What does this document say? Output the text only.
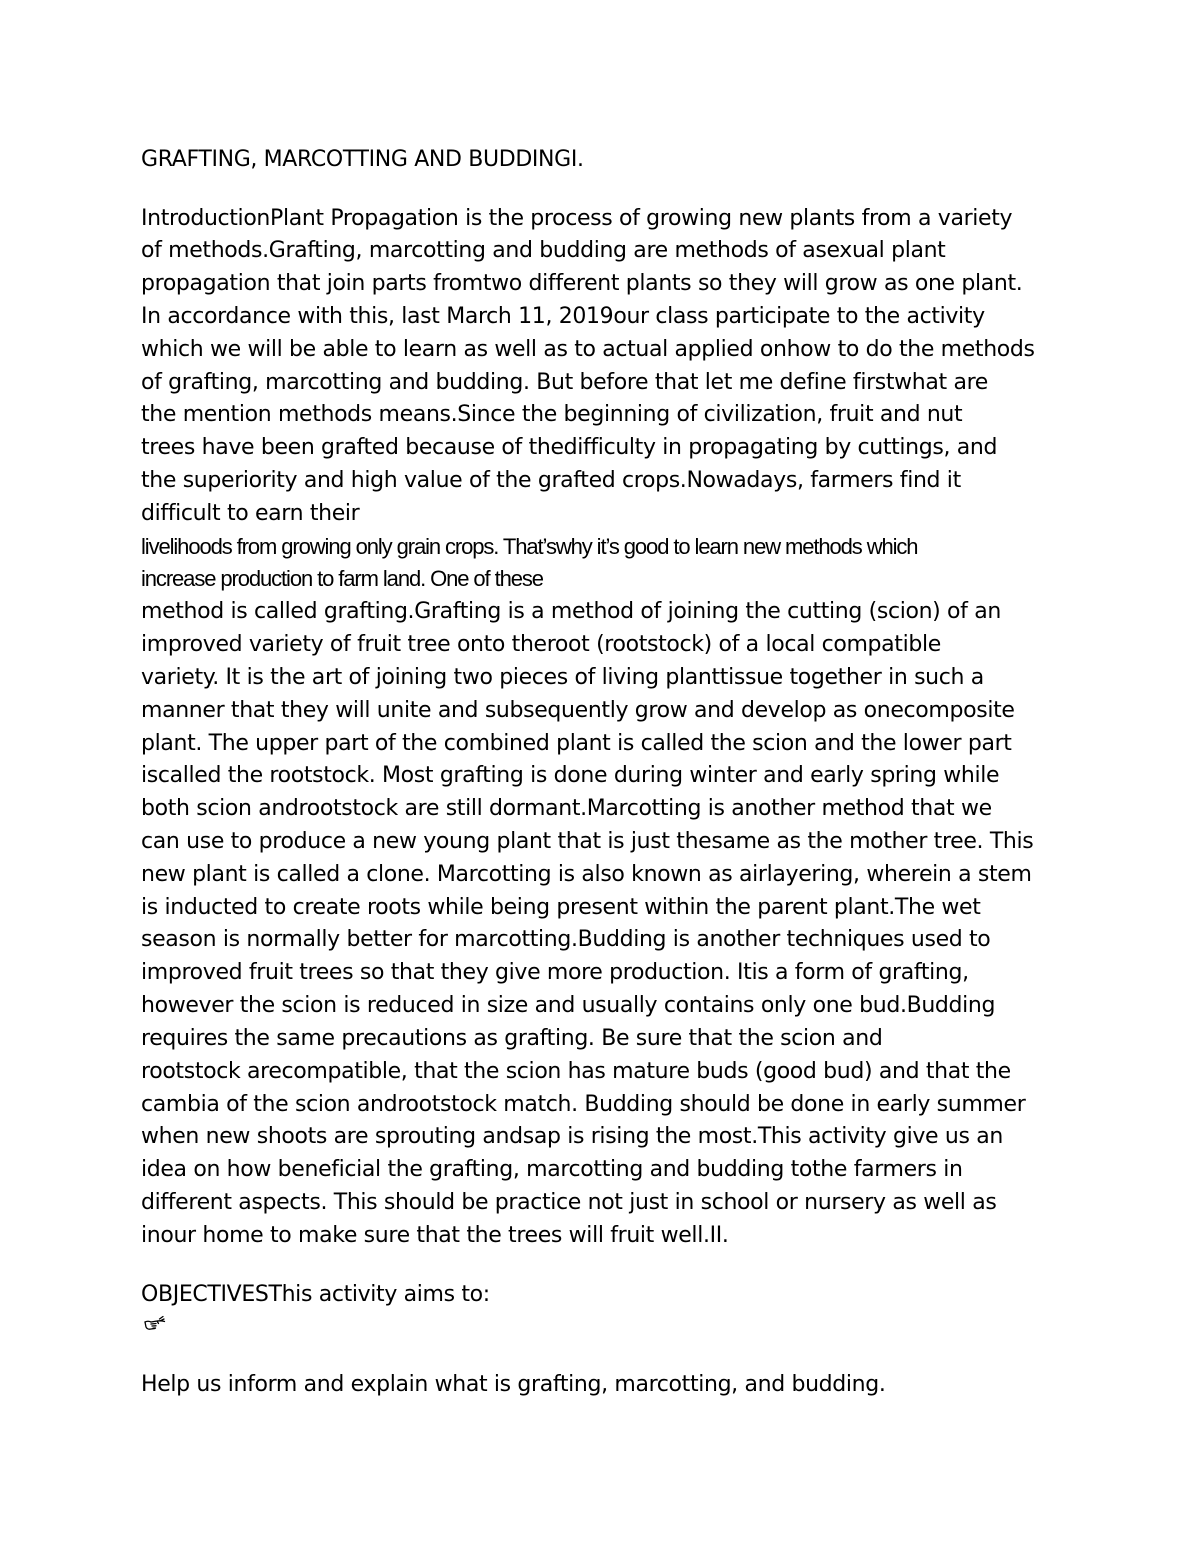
GRAFTING, MARCOTTING AND BUDDINGI.
IntroductionPlant Propagation is the process of growing new plants from a variety
of methods.Grafting, marcotting and budding are methods of asexual plant
propagation that join parts fromtwo different plants so they will grow as one plant.
In accordance with this, last March 11, 2019our class participate to the activity
which we will be able to learn as well as to actual applied onhow to do the methods
of grafting, marcotting and budding. But before that let me define firstwhat are
the mention methods means.Since the beginning of civilization, fruit and nut
trees have been grafted because of thedifficulty in propagating by cuttings, and
the superiority and high value of the grafted crops.Nowadays, farmers find it
difficult to earn their
livelihoods from growing only grain crops. That’swhy it’s good to learn new methods which
increase production to farm land. One of these
method is called grafting.Grafting is a method of joining the cutting (scion) of an
improved variety of fruit tree onto theroot (rootstock) of a local compatible
variety. It is the art of joining two pieces of living planttissue together in such a
manner that they will unite and subsequently grow and develop as onecomposite
plant. The upper part of the combined plant is called the scion and the lower part
iscalled the rootstock. Most grafting is done during winter and early spring while
both scion androotstock are still dormant.Marcotting is another method that we
can use to produce a new young plant that is just thesame as the mother tree. This
new plant is called a clone. Marcotting is also known as airlayering, wherein a stem
is inducted to create roots while being present within the parent plant.The wet
season is normally better for marcotting.Budding is another techniques used to
improved fruit trees so that they give more production. Itis a form of grafting,
however the scion is reduced in size and usually contains only one bud.Budding
requires the same precautions as grafting. Be sure that the scion and
rootstock arecompatible, that the scion has mature buds (good bud) and that the
cambia of the scion androotstock match. Budding should be done in early summer
when new shoots are sprouting andsap is rising the most.This activity give us an
idea on how beneficial the grafting, marcotting and budding tothe farmers in
different aspects. This should be practice not just in school or nursery as well as
inour home to make sure that the trees will fruit well.II.
OBJECTIVESThis activity aims to:
Help us inform and explain what is grafting, marcotting, and budding.
